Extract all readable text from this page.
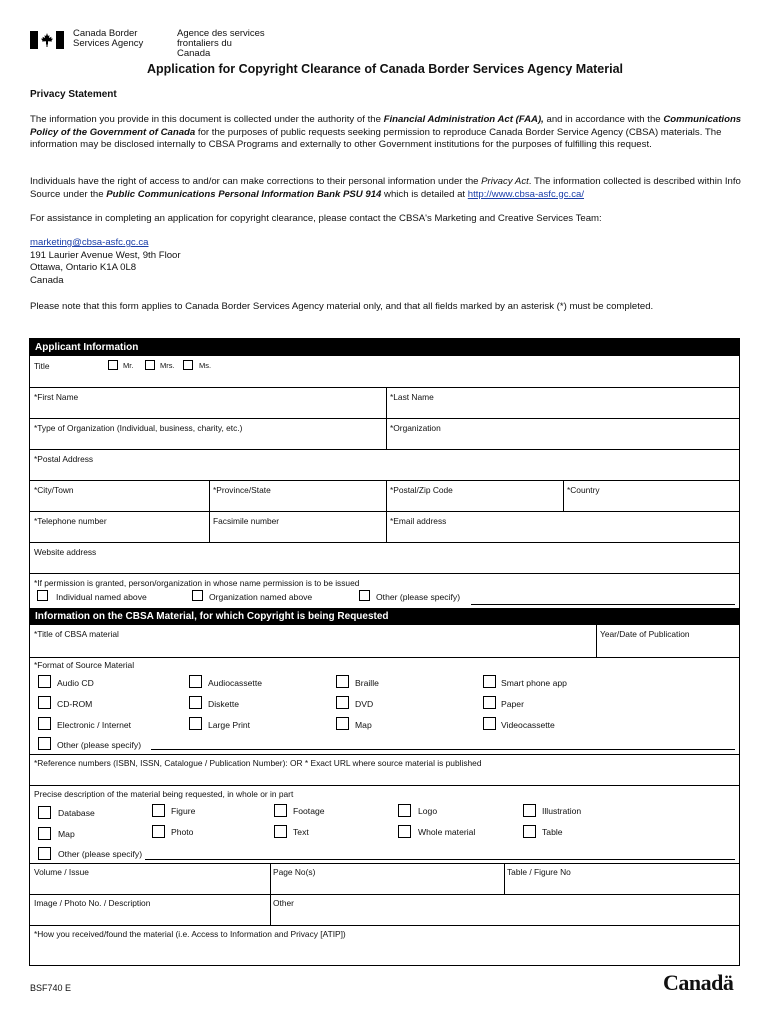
Canada Border
Services Agency
Agence des services
frontaliers du Canada
Application for Copyright Clearance of Canada Border Services Agency Material

Privacy Statement

The information you provide in this document is collected under the authority of the Financial Administration Act (FAA), and in accordance with the Communications Policy of the Government of Canada for the purposes of public requests seeking permission to reproduce Canada Border Service Agency (CBSA) materials. The information may be disclosed internally to CBSA Programs and externally to other Government institutions for the purposes of fulfilling this request.

Individuals have the right of access to and/or can make corrections to their personal information under the Privacy Act. The information collected is described within Info Source under the Public Communications Personal Information Bank PSU 914 which is detailed at http://www.cbsa-asfc.gc.ca/

For assistance in completing an application for copyright clearance, please contact the CBSA's Marketing and Creative Services Team:

marketing@cbsa-asfc.gc.ca
191 Laurier Avenue West, 9th Floor
Ottawa, Ontario K1A 0L8
Canada

Please note that this form applies to Canada Border Services Agency material only, and that all fields marked by an asterisk (*) must be completed.

Applicant Information
Title	Mr.	Mrs.	Ms.
*First Name	*Last Name
*Type of Organization (Individual, business, charity, etc.)	*Organization
*Postal Address
*City/Town	*Province/State	*Postal/Zip Code	*Country
*Telephone number	Facsimile number	*Email address
Website address
*If permission is granted, person/organization in whose name permission is to be issued
Individual named above	Organization named above	Other (please specify)
Information on the CBSA Material, for which Copyright is being Requested
*Title of CBSA material	Year/Date of Publication
*Format of Source Material
Audio CD	Audiocassette	Braille	Smart phone app
CD-ROM	Diskette	DVD	Paper
Electronic / Internet	Large Print	Map	Videocassette
Other (please specify)
*Reference numbers (ISBN, ISSN, Catalogue / Publication Number): OR * Exact URL where source material is published
Precise description of the material being requested, in whole or in part
Database	Figure	Footage	Logo	Illustration
Map	Photo	Text	Whole material	Table
Other (please specify)
Volume / Issue	Page No(s)	Table / Figure No
Image / Photo No. / Description	Other
*How you received/found the material (i.e. Access to Information and Privacy [ATIP])
BSF740 E	Canadä
